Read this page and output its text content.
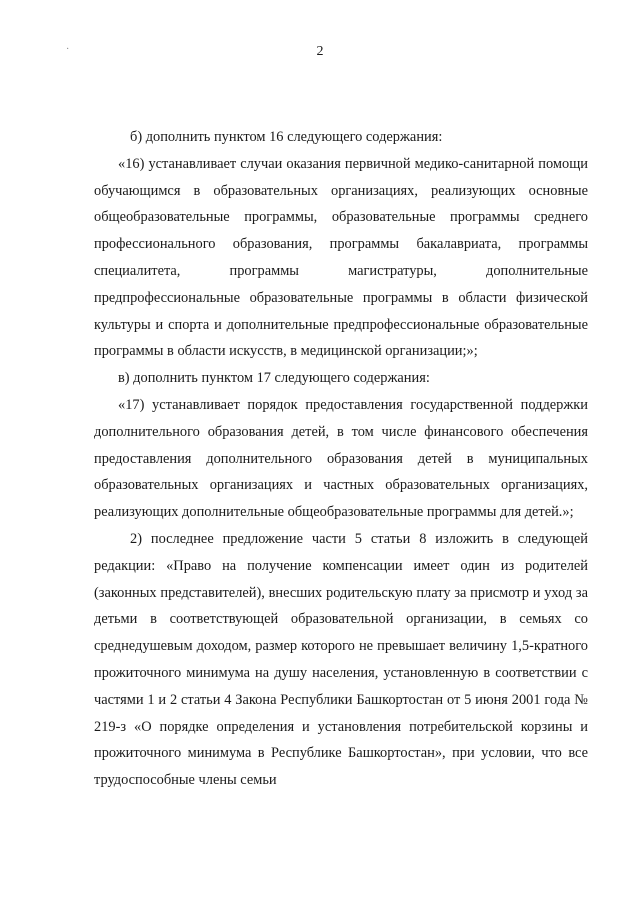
·	2

б) дополнить пунктом 16 следующего содержания:

«16) устанавливает случаи оказания первичной медико-санитарной помощи обучающимся в образовательных организациях, реализующих основные общеобразовательные программы, образовательные программы среднего профессионального образования, программы бакалавриата, программы специалитета, программы магистратуры, дополнительные предпрофессиональные образовательные программы в области физической культуры и спорта и дополнительные предпрофессиональные образовательные программы в области искусств, в медицинской организации;»;

в) дополнить пунктом 17 следующего содержания:

«17) устанавливает порядок предоставления государственной поддержки дополнительного образования детей, в том числе финансового обеспечения предоставления дополнительного образования детей в муниципальных образовательных организациях и частных образовательных организациях, реализующих дополнительные общеобразовательные программы для детей.»;

2) последнее предложение части 5 статьи 8 изложить в следующей редакции: «Право на получение компенсации имеет один из родителей (законных представителей), внесших родительскую плату за присмотр и уход за детьми в соответствующей образовательной организации, в семьях со среднедушевым доходом, размер которого не превышает величину 1,5-кратного прожиточного минимума на душу населения, установленную в соответствии с частями 1 и 2 статьи 4 Закона Республики Башкортостан от 5 июня 2001 года № 219-з «О порядке определения и установления потребительской корзины и прожиточного минимума в Республике Башкортостан», при условии, что все трудоспособные члены семьи
